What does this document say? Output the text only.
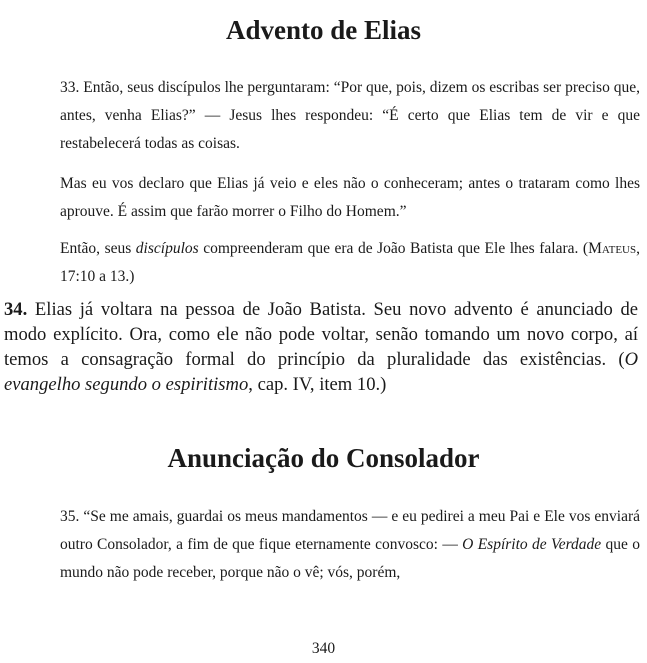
Advento de Elias

33. Então, seus discípulos lhe perguntaram: “Por que, pois, dizem os escribas ser preciso que, antes, venha Elias?” — Jesus lhes respondeu: “É certo que Elias tem de vir e que restabelecerá todas as coisas.

Mas eu vos declaro que Elias já veio e eles não o conheceram; antes o trataram como lhes aprouve. É assim que farão morrer o Filho do Homem.”

Então, seus discípulos compreenderam que era de João Batista que Ele lhes falara. (Mateus, 17:10 a 13.)

34. Elias já voltara na pessoa de João Batista. Seu novo advento é anunciado de modo explícito. Ora, como ele não pode voltar, senão tomando um novo corpo, aí temos a consagração formal do princípio da pluralidade das existências. (O evangelho segundo o espiritismo, cap. IV, item 10.)

Anunciação do Consolador

35. “Se me amais, guardai os meus mandamentos — e eu pedirei a meu Pai e Ele vos enviará outro Consolador, a fim de que fique eternamente convosco: — O Espírito de Verdade que o mundo não pode receber, porque não o vê; vós, porém,

340
